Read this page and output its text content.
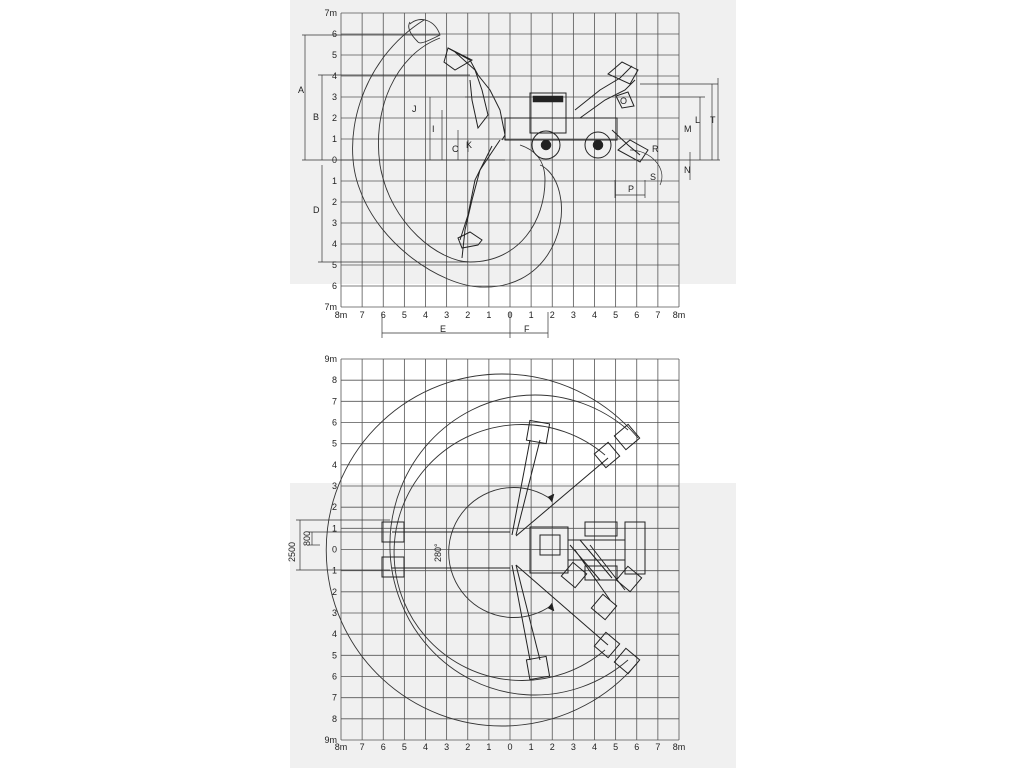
8m 7 6 5 4 3 2 1 0 1 2 3 4 5 6 7 8m
7m
6
5
4
3
2
1
0
1
2
3
4
5
6
7m
A
B
C
D
E	F
I
J
K
L
M
N
O
P
R
S
T
8m 7 6 5 4 3 2 1 0 1 2 3 4 5 6 7 8m
9m
8
7
6
5
4
3
2
1
0
1
2
3
4
5
6
7
8
9m
2500
800
280°
